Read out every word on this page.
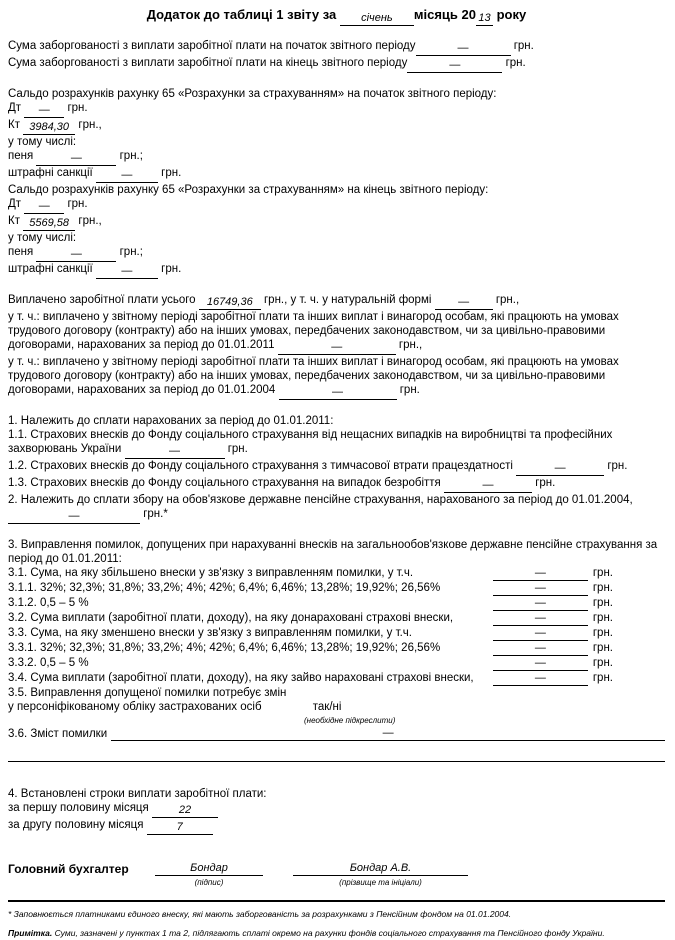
Додаток до таблиці 1 звіту за січень місяць 20 13 року
Сума заборгованості з виплати заробітної плати на початок звітного періоду	—	грн.
Сума заборгованості з виплати заробітної плати на кінець звітного періоду	—	грн.
Сальдо розрахунків рахунку 65 «Розрахунки за страхуванням» на початок звітного періоду:
Дт — грн.
Кт 3984,30 грн.,
у тому числі:
пеня	—	грн.;
штрафні санкції	— грн.
Сальдо розрахунків рахунку 65 «Розрахунки за страхуванням» на кінець звітного періоду:
Дт — грн.
Кт 5569,58 грн.,
у тому числі:
пеня	—	грн.;
штрафні санкції	— грн.
Виплачено заробітної плати усього 16749,36 грн., у т. ч. у натуральній формі — грн.,
у т. ч.: виплачено у звітному періоді заробітної плати та інших виплат і винагород особам, які працюють на умовах трудового договору (контракту) або на інших умовах, передбачених законодавством, чи за цивільно-правовими договорами, нарахованих за період до 01.01.2011	—	грн.,
у т. ч.: виплачено у звітному періоді заробітної плати та інших виплат і винагород особам, які працюють на умовах трудового договору (контракту) або на інших умовах, передбачених законодавством, чи за цивільно-правовими договорами, нарахованих за період до 01.01.2004	—	грн.
1. Належить до сплати нарахованих за період до 01.01.2011:
1.1. Страхових внесків до Фонду соціального страхування від нещасних випадків на виробництві та професійних захворювань України	—	грн.
1.2. Страхових внесків до Фонду соціального страхування з тимчасової втрати працездатності	—	грн.
1.3. Страхових внесків до Фонду соціального страхування на випадок безробіття	—	грн.
2. Належить до сплати збору на обов'язкове державне пенсійне страхування, нарахованого за період до 01.01.2004, —	грн.*
3. Виправлення помилок, допущених при нарахуванні внесків на загальнообов'язкове державне пенсійне страхування за період до 01.01.2011:
3.1. Сума, на яку збільшено внески у зв'язку з виправленням помилки, у т.ч.	—	грн.
3.1.1. 32%; 32,3%; 31,8%; 33,2%; 4%; 42%; 6,4%; 6,46%; 13,28%; 19,92%; 26,56%	—	грн.
3.1.2. 0,5 – 5 %	—	грн.
3.2. Сума виплати (заробітної плати, доходу), на яку донараховані страхові внески,	—	грн.
3.3. Сума, на яку зменшено внески у зв'язку з виправленням помилки, у т.ч.	—	грн.
3.3.1. 32%; 32,3%; 31,8%; 33,2%; 4%; 42%; 6,4%; 6,46%; 13,28%; 19,92%; 26,56%	—	грн.
3.3.2. 0,5 – 5 %	—	грн.
3.4. Сума виплати (заробітної плати, доходу), на яку зайво нараховані страхові внески,	—	грн.
3.5. Виправлення допущеної помилки потребує змін
у персоніфікованому обліку застрахованих осіб	так/ні
(необхідне підкреслити)
3.6. Зміст помилки	—
4. Встановлені строки виплати заробітної плати:
за першу половину місяця	22
за другу половину місяця	7
Головний бухгалтер	Бондар
(підпис)
Бондар А.В.
(прізвище та ініціали)
* Заповнюється платниками єдиного внеску, які мають заборгованість за розрахунками з Пенсійним фондом на 01.01.2004.
Примітка. Суми, зазначені у пунктах 1 та 2, підлягають сплаті окремо на рахунки фондів соціального страхування та Пенсійного фонду України.
